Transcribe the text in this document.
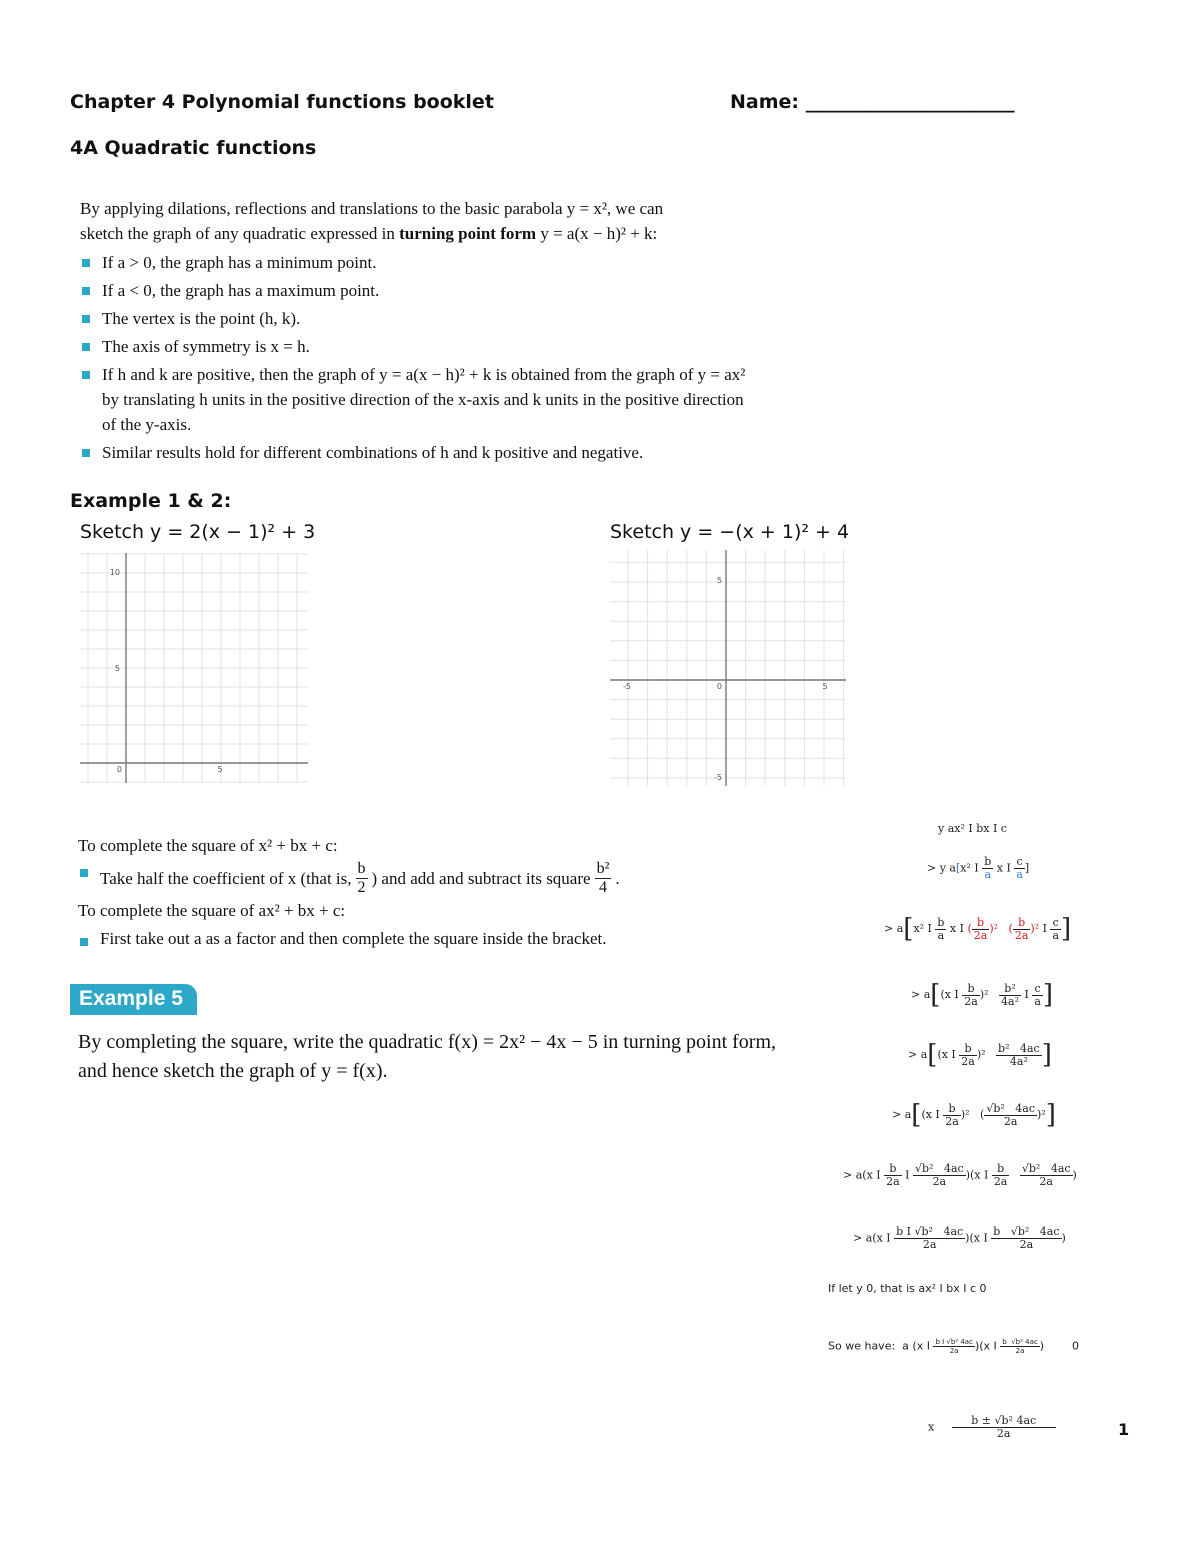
Chapter 4 Polynomial functions booklet	Name: ______________________
4A Quadratic functions
By applying dilations, reflections and translations to the basic parabola y = x², we can
sketch the graph of any quadratic expressed in turning point form y = a(x − h)² + k:
If a > 0, the graph has a minimum point.
If a < 0, the graph has a maximum point.
The vertex is the point (h, k).
The axis of symmetry is x = h.
If h and k are positive, then the graph of y = a(x − h)² + k is obtained from the graph of y = ax² by translating h units in the positive direction of the x-axis and k units in the positive direction of the y-axis.
Similar results hold for different combinations of h and k positive and negative.
Example 1 & 2:
Sketch y = 2(x − 1)² + 3	Sketch y = −(x + 1)² + 4
10
5
0	5
5
-5
-5	0	5
To complete the square of x² + bx + c:
Take half the coefficient of x (that is, $\frac{b}{2}$ ) and add and subtract its square $\frac{\text{b²}}{4}$ .
To complete the square of ax² + bx + c:
First take out a as a factor and then complete the square inside the bracket.
Example 5
By completing the square, write the quadratic f(x) = 2x² − 4x − 5 in turning point form,
and hence sketch the graph of y = f(x).
y ax² I bx I c
> y a[x² I $\frac{b}{a}$ x I $\frac{c}{a}$ ]
> a[x² I $\frac{b}{a}$ x I ( $\frac{b}{2a} )^2$ ( $\frac{b}{2a} )^2$ I $\frac{c}{a}$ ]
> a[(x I $\frac{b}{2a} )^2 \frac{\text{b²}}{\text{4a²}}$ I $\frac{c}{a}$ ]
> a[(x I $\frac{b}{2a} )^2 \frac{\text{b²   4ac}}{\text{4a²}}$ ]
> a[(x I $\frac{b}{2a} )^2$   ( $\frac{\text{√b²   4ac}}{2a} )^2$]
> a(x I $\frac{b}{2a}$ I $\frac{\text{√b²   4ac}}{2a} )(x$ I $\frac{b}{2a}$
$\frac{\text{√b²   4ac}}{2a}$ )
> a(x I $\frac{\text{b I √b²   4ac}}{2a} )(x$ I $\frac{\text{b   √b²   4ac}}{2a}$ )
If let y 0, that is ax² I bx I c 0
So we have:  a (x I $\frac{\text{b I √b² 4ac}}{2a} )(x$ I $\frac{\text{b  √b² 4ac}}{2a}$ )        0
x $\frac{\text{b ± √b² 4ac}}{2a}$	1
